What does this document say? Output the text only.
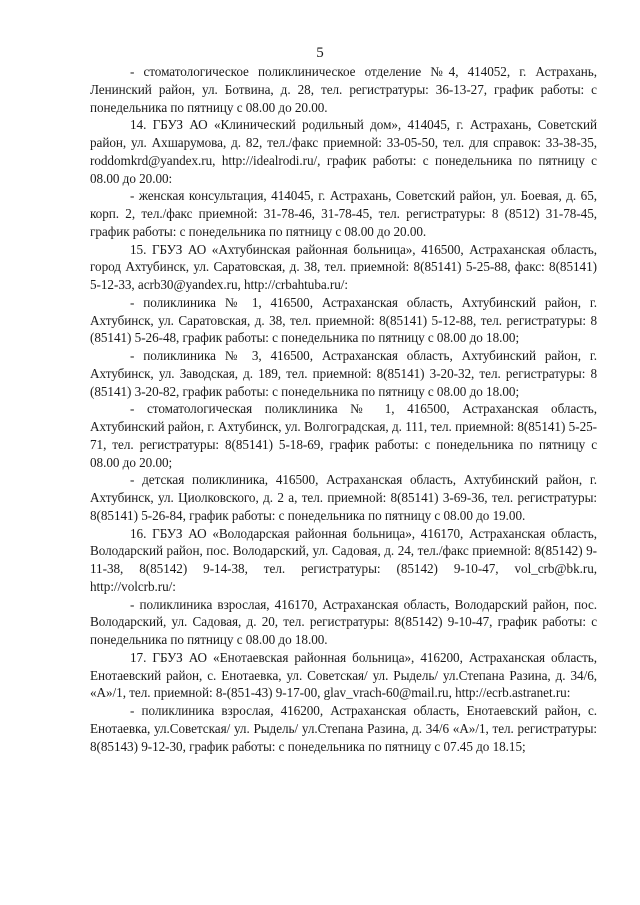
5

- стоматологическое поликлиническое отделение №4, 414052, г. Астрахань, Ленинский район, ул. Ботвина, д. 28, тел. регистратуры: 36-13-27, график работы: с понедельника по пятницу с 08.00 до 20.00.

14. ГБУЗ АО «Клинический родильный дом», 414045, г. Астрахань, Советский район, ул. Ахшарумова, д. 82, тел./факс приемной: 33-05-50, тел. для справок: 33-38-35, roddomkrd@yandex.ru, http://idealrodi.ru/, график работы: с понедельника по пятницу с 08.00 до 20.00:

- женская консультация, 414045, г. Астрахань, Советский район, ул. Боевая, д. 65, корп. 2, тел./факс приемной: 31-78-46, 31-78-45, тел. регистратуры: 8 (8512) 31-78-45, график работы: с понедельника по пятницу с 08.00 до 20.00.

15. ГБУЗ АО «Ахтубинская районная больница», 416500, Астраханская область, город Ахтубинск, ул. Саратовская, д. 38, тел. приемной: 8(85141) 5-25-88, факс: 8(85141) 5-12-33, acrb30@yandex.ru, http://crbahtuba.ru/:

- поликлиника № 1, 416500, Астраханская область, Ахтубинский район, г. Ахтубинск, ул. Саратовская, д. 38, тел. приемной: 8(85141) 5-12-88, тел. регистратуры: 8 (85141) 5-26-48, график работы: с понедельника по пятницу с 08.00 до 18.00;

- поликлиника № 3, 416500, Астраханская область, Ахтубинский район, г. Ахтубинск, ул. Заводская, д. 189, тел. приемной: 8(85141) 3-20-32, тел. регистратуры: 8 (85141) 3-20-82, график работы: с понедельника по пятницу с 08.00 до 18.00;

- стоматологическая поликлиника № 1, 416500, Астраханская область, Ахтубинский район, г. Ахтубинск, ул. Волгоградская, д. 111, тел. приемной: 8(85141) 5-25-71, тел. регистратуры: 8(85141) 5-18-69, график работы: с понедельника по пятницу с 08.00 до 20.00;

- детская поликлиника, 416500, Астраханская область, Ахтубинский район, г. Ахтубинск, ул. Циолковского, д. 2 а, тел. приемной: 8(85141) 3-69-36, тел. регистратуры: 8(85141) 5-26-84, график работы: с понедельника по пятницу с 08.00 до 19.00.

16. ГБУЗ АО «Володарская районная больница», 416170, Астраханская область, Володарский район, пос. Володарский, ул. Садовая, д. 24, тел./факс приемной: 8(85142) 9-11-38, 8(85142) 9-14-38, тел. регистратуры: (85142) 9-10-47, vol_crb@bk.ru, http://volcrb.ru/:

- поликлиника взрослая, 416170, Астраханская область, Володарский район, пос. Володарский, ул. Садовая, д. 20, тел. регистратуры: 8(85142) 9-10-47, график работы: с понедельника по пятницу с 08.00 до 18.00.

17. ГБУЗ АО «Енотаевская районная больница», 416200, Астраханская область, Енотаевский район, с. Енотаевка, ул. Советская/ ул. Рыдель/ ул.Степана Разина, д. 34/6, «А»/1, тел. приемной: 8-(851-43) 9-17-00, glav_vrach-60@mail.ru, http://ecrb.astranet.ru:

- поликлиника взрослая, 416200, Астраханская область, Енотаевский район, с. Енотаевка, ул.Советская/ ул. Рыдель/ ул.Степана Разина, д. 34/6 «А»/1, тел. регистратуры: 8(85143) 9-12-30, график работы: с понедельника по пятницу с 07.45 до 18.15;
